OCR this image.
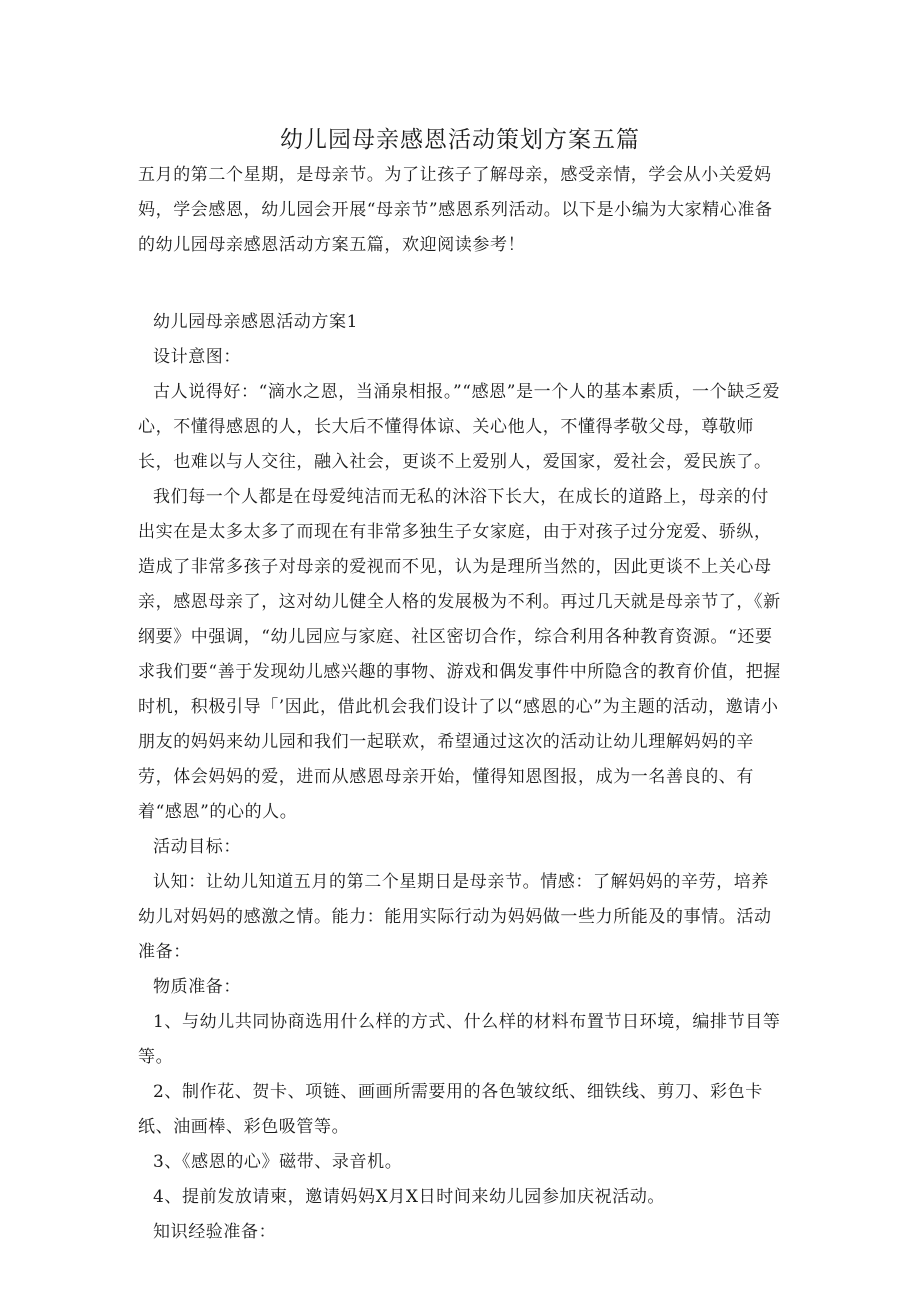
幼儿园母亲感恩活动策划方案五篇

五月的第二个星期，是母亲节。为了让孩子了解母亲，感受亲情，学会从小关爱妈妈，学会感恩，幼儿园会开展“母亲节”感恩系列活动。以下是小编为大家精心准备的幼儿园母亲感恩活动方案五篇，欢迎阅读参考！

幼儿园母亲感恩活动方案1

设计意图：

古人说得好：“滴水之恩，当涌泉相报。”“感恩”是一个人的基本素质，一个缺乏爱心，不懂得感恩的人，长大后不懂得体谅、关心他人，不懂得孝敬父母，尊敬师长，也难以与人交往，融入社会，更谈不上爱别人，爱国家，爱社会，爱民族了。

我们每一个人都是在母爱纯洁而无私的沐浴下长大，在成长的道路上，母亲的付出实在是太多太多了而现在有非常多独生子女家庭，由于对孩子过分宠爱、骄纵，造成了非常多孩子对母亲的爱视而不见，认为是理所当然的，因此更谈不上关心母亲，感恩母亲了，这对幼儿健全人格的发展极为不利。再过几天就是母亲节了，《新纲要》中强调，“幼儿园应与家庭、社区密切合作，综合利用各种教育资源。“还要求我们要“善于发现幼儿感兴趣的事物、游戏和偶发事件中所隐含的教育价值，把握时机，积极引导「’因此，借此机会我们设计了以“感恩的心”为主题的活动，邀请小朋友的妈妈来幼儿园和我们一起联欢，希望通过这次的活动让幼儿理解妈妈的辛劳，体会妈妈的爱，进而从感恩母亲开始，懂得知恩图报，成为一名善良的、有着“感恩”的心的人。

活动目标：

认知：让幼儿知道五月的第二个星期日是母亲节。情感：了解妈妈的辛劳，培养幼儿对妈妈的感激之情。能力：能用实际行动为妈妈做一些力所能及的事情。活动准备：

物质准备：

1、与幼儿共同协商选用什么样的方式、什么样的材料布置节日环境，编排节目等等。

2、制作花、贺卡、项链、画画所需要用的各色皱纹纸、细铁线、剪刀、彩色卡纸、油画棒、彩色吸管等。

3、《感恩的心》磁带、录音机。

4、提前发放请柬，邀请妈妈X月X日时间来幼儿园参加庆祝活动。

知识经验准备：
